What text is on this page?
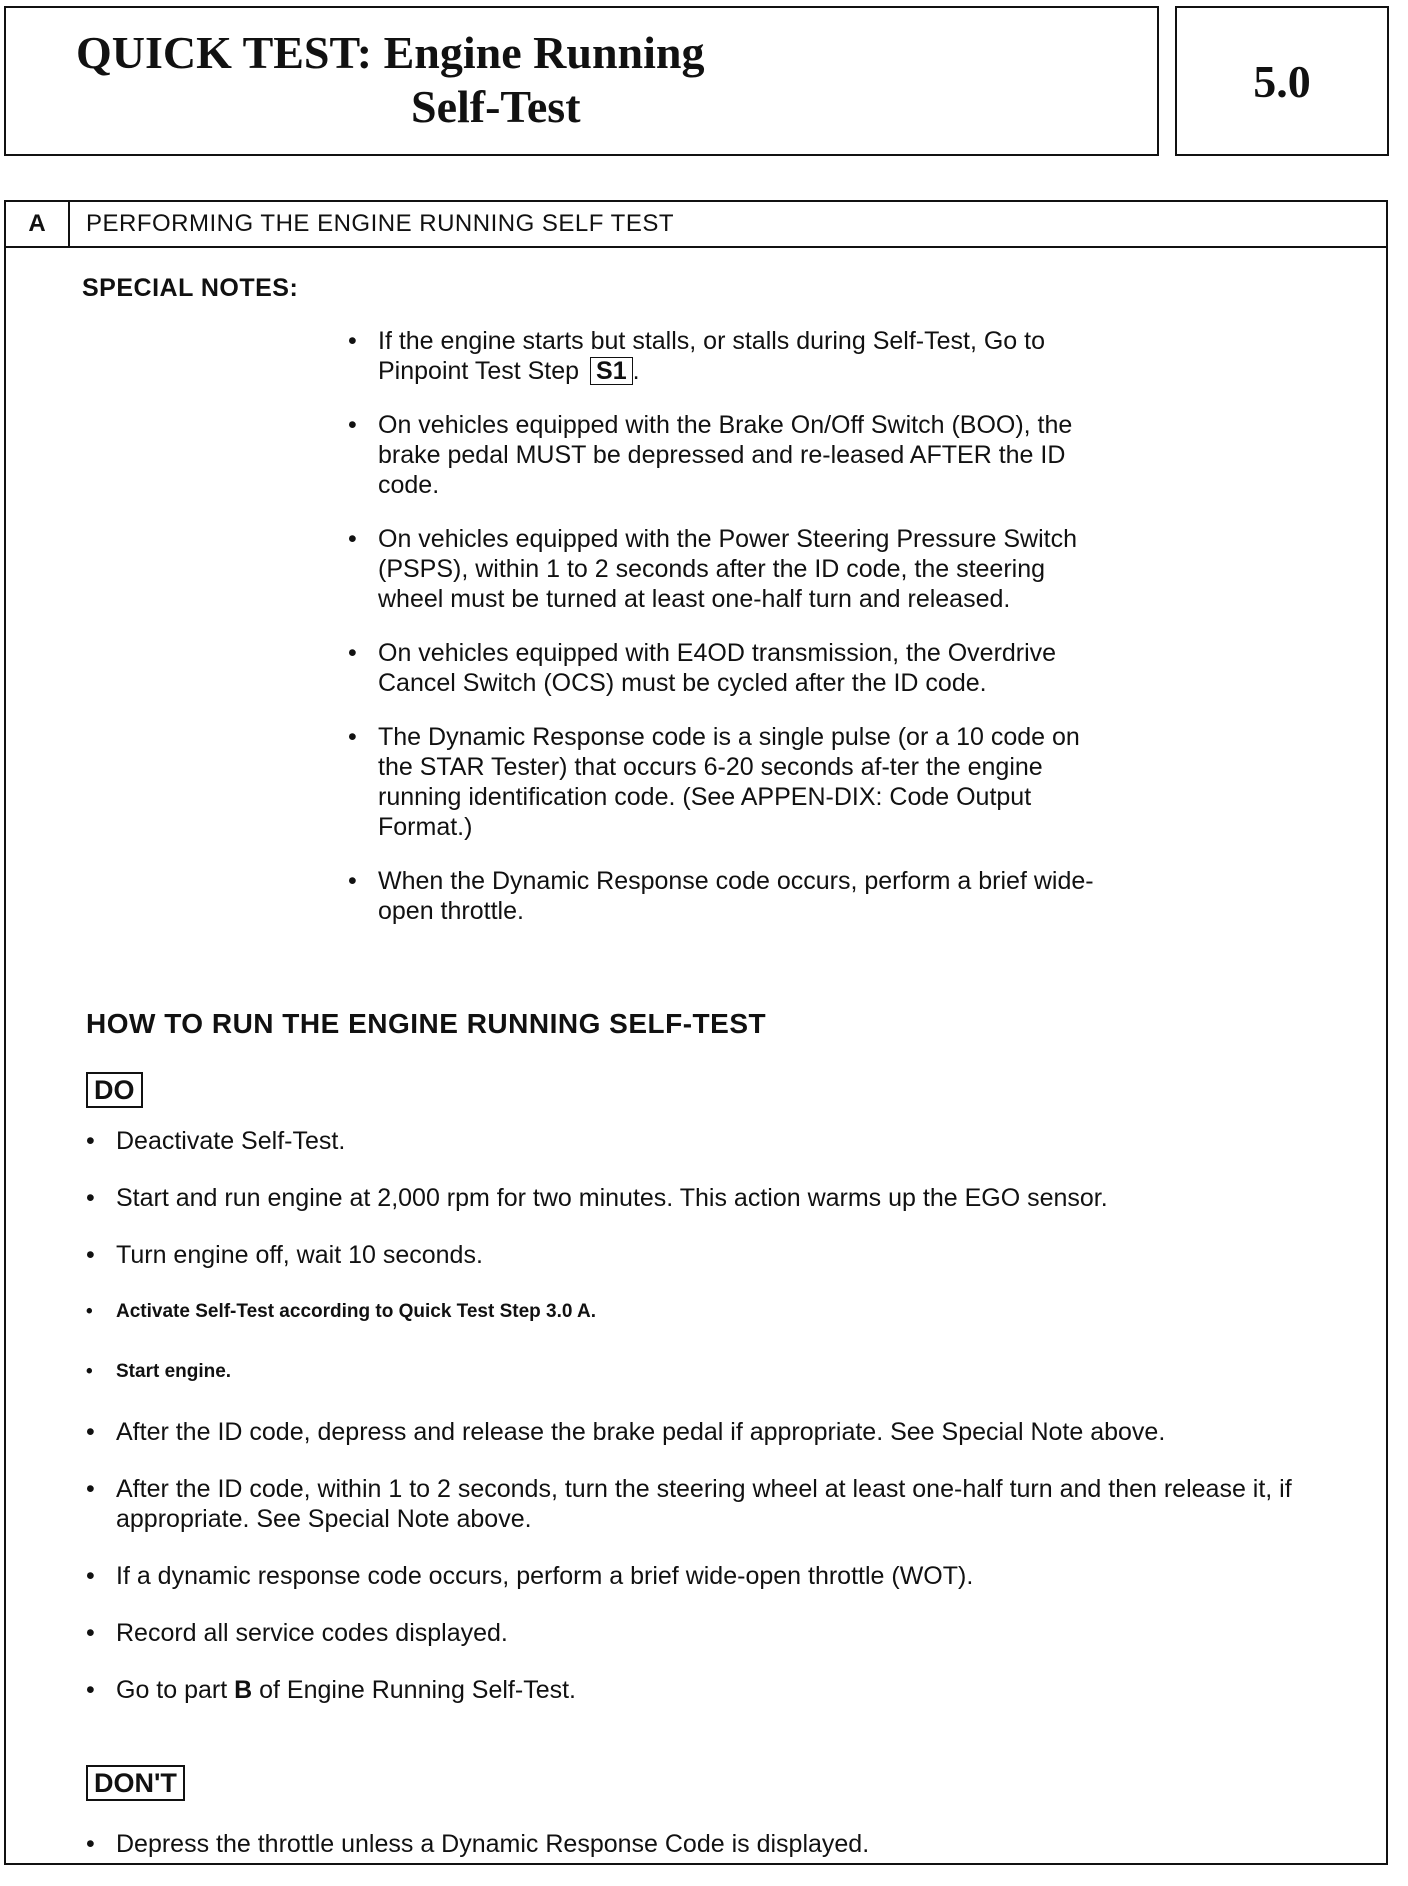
QUICK TEST: Engine Running
Self-Test	5.0
A	PERFORMING THE ENGINE RUNNING SELF TEST
SPECIAL NOTES:
• If the engine starts but stalls, or stalls during Self-Test, Go to Pinpoint Test Step S1 .
• On vehicles equipped with the Brake On/Off Switch (BOO), the brake pedal MUST be depressed and re-leased AFTER the ID code.
• On vehicles equipped with the Power Steering Pressure Switch (PSPS), within 1 to 2 seconds after the ID code, the steering wheel must be turned at least one-half turn and released.
• On vehicles equipped with E4OD transmission, the Overdrive Cancel Switch (OCS) must be cycled after the ID code.
• The Dynamic Response code is a single pulse (or a 10 code on the STAR Tester) that occurs 6-20 seconds af-ter the engine running identification code. (See APPEN-DIX: Code Output Format.)
• When the Dynamic Response code occurs, perform a brief wide-open throttle.
HOW TO RUN THE ENGINE RUNNING SELF-TEST
DO
• Deactivate Self-Test.
• Start and run engine at 2,000 rpm for two minutes. This action warms up the EGO sensor.
• Turn engine off, wait 10 seconds.
• Activate Self-Test according to Quick Test Step 3.0 A.
• Start engine.
• After the ID code, depress and release the brake pedal if appropriate. See Special Note above.
• After the ID code, within 1 to 2 seconds, turn the steering wheel at least one-half turn and then release it, if appropriate. See Special Note above.
• If a dynamic response code occurs, perform a brief wide-open throttle (WOT).
• Record all service codes displayed.
• Go to part B of Engine Running Self-Test.
DON'T
• Depress the throttle unless a Dynamic Response Code is displayed.
